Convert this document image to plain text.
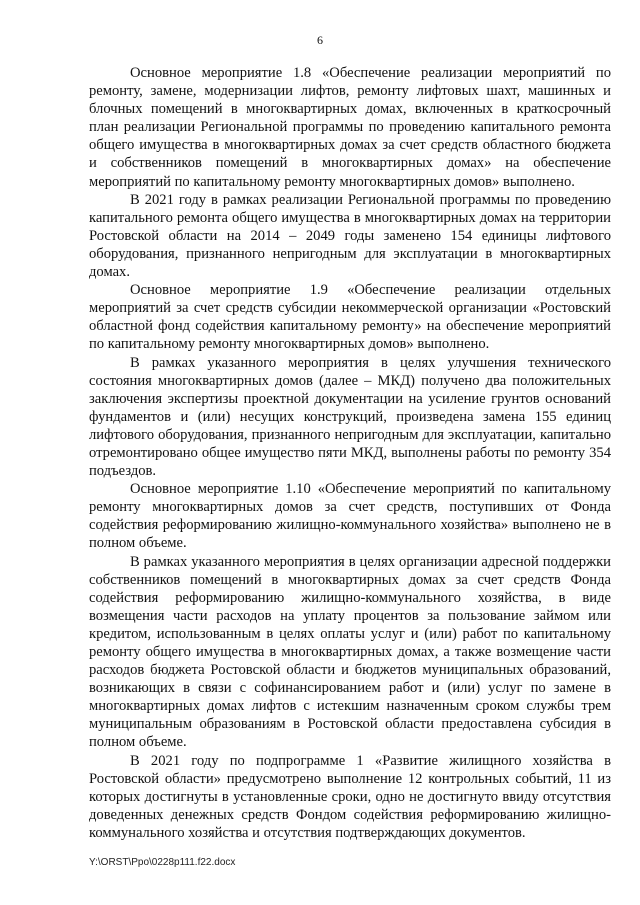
6

Основное мероприятие 1.8 «Обеспечение реализации мероприятий по ремонту, замене, модернизации лифтов, ремонту лифтовых шахт, машинных и блочных помещений в многоквартирных домах, включенных в краткосрочный план реализации Региональной программы по проведению капитального ремонта общего имущества в многоквартирных домах за счет средств областного бюджета и собственников помещений в многоквартирных домах» на обеспечение мероприятий по капитальному ремонту многоквартирных домов» выполнено.

В 2021 году в рамках реализации Региональной программы по проведению капитального ремонта общего имущества в многоквартирных домах на территории Ростовской области на 2014 – 2049 годы заменено 154 единицы лифтового оборудования, признанного непригодным для эксплуатации в многоквартирных домах.

Основное мероприятие 1.9 «Обеспечение реализации отдельных мероприятий за счет средств субсидии некоммерческой организации «Ростовский областной фонд содействия капитальному ремонту» на обеспечение мероприятий по капитальному ремонту многоквартирных домов» выполнено.

В рамках указанного мероприятия в целях улучшения технического состояния многоквартирных домов (далее – МКД) получено два положительных заключения экспертизы проектной документации на усиление грунтов оснований фундаментов и (или) несущих конструкций, произведена замена 155 единиц лифтового оборудования, признанного непригодным для эксплуатации, капитально отремонтировано общее имущество пяти МКД, выполнены работы по ремонту 354 подъездов.

Основное мероприятие 1.10 «Обеспечение мероприятий по капитальному ремонту многоквартирных домов за счет средств, поступивших от Фонда содействия реформированию жилищно-коммунального хозяйства» выполнено не в полном объеме.

В рамках указанного мероприятия в целях организации адресной поддержки собственников помещений в многоквартирных домах за счет средств Фонда содействия реформированию жилищно-коммунального хозяйства, в виде возмещения части расходов на уплату процентов за пользование займом или кредитом, использованным в целях оплаты услуг и (или) работ по капитальному ремонту общего имущества в многоквартирных домах, а также возмещение части расходов бюджета Ростовской области и бюджетов муниципальных образований, возникающих в связи с софинансированием работ и (или) услуг по замене в многоквартирных домах лифтов с истекшим назначенным сроком службы трем муниципальным образованиям в Ростовской области предоставлена субсидия в полном объеме.

В 2021 году по подпрограмме 1 «Развитие жилищного хозяйства в Ростовской области» предусмотрено выполнение 12 контрольных событий, 11 из которых достигнуты в установленные сроки, одно не достигнуто ввиду отсутствия доведенных денежных средств Фондом содействия реформированию жилищно-коммунального хозяйства и отсутствия подтверждающих документов.

Y:\ORST\Ppo\0228p111.f22.docx
